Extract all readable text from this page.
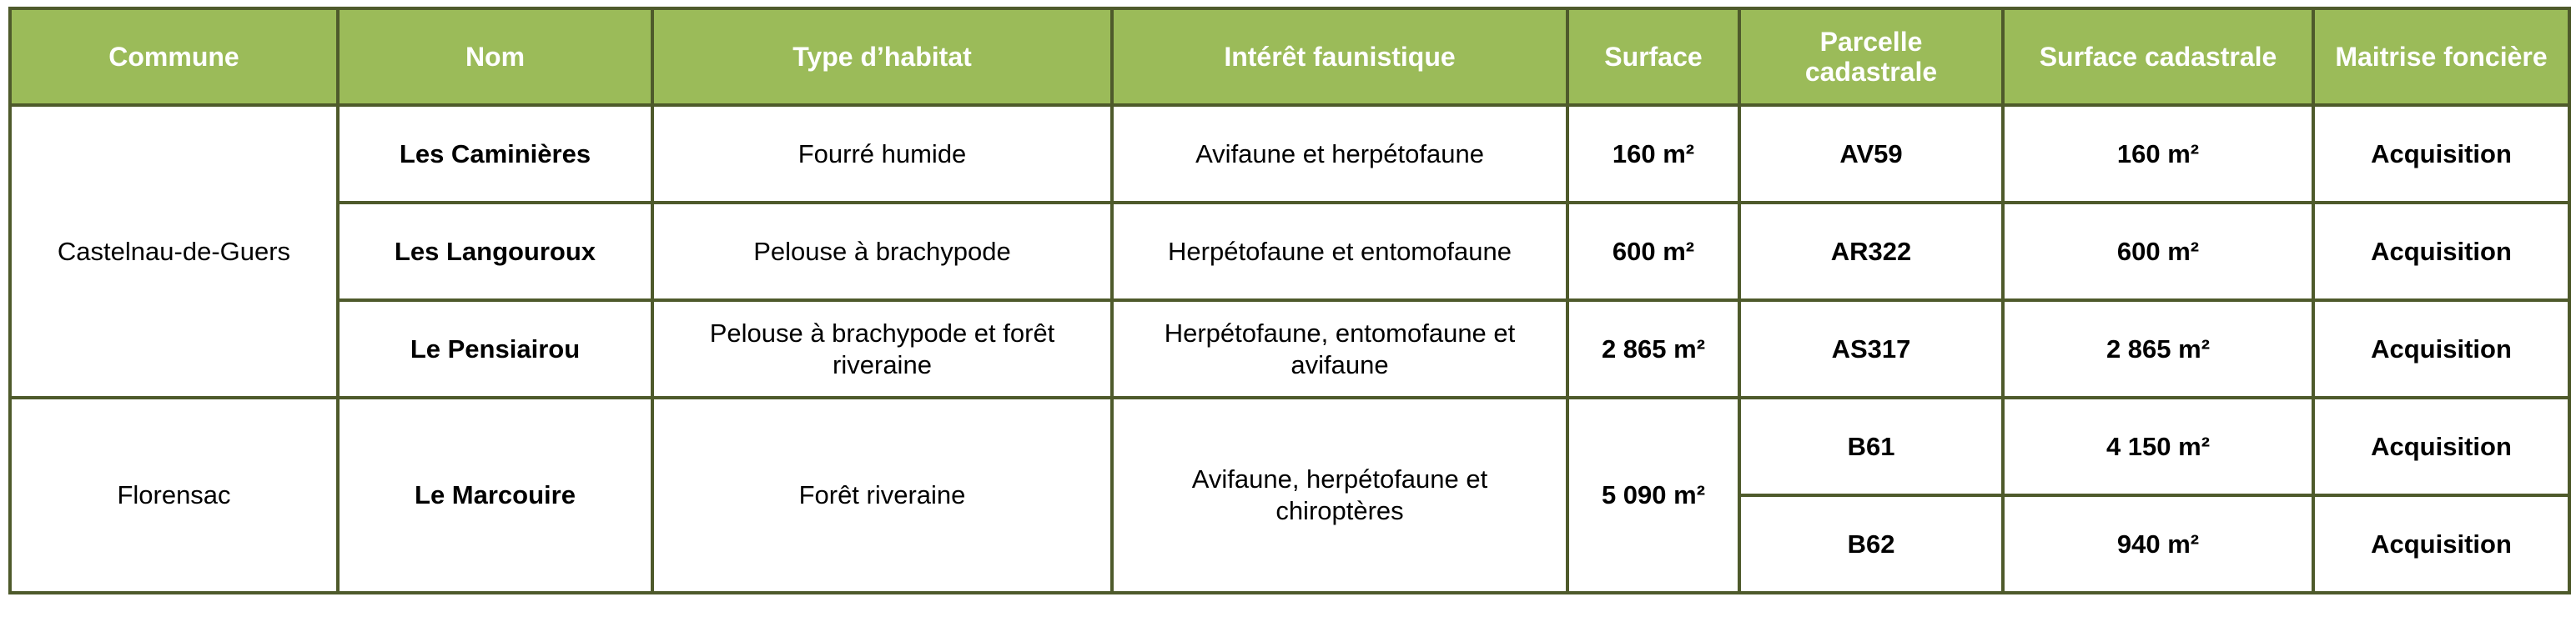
Commune	Nom	Type d’habitat	Intérêt faunistique	Surface	Parcelle cadastrale	Surface cadastrale	Maitrise foncière
Castelnau-de-Guers	Les Caminières	Fourré humide	Avifaune et herpétofaune	160 m²	AV59	160 m²	Acquisition
	Les Langouroux	Pelouse à brachypode	Herpétofaune et entomofaune	600 m²	AR322	600 m²	Acquisition
	Le Pensiairou	Pelouse à brachypode et forêt riveraine	Herpétofaune, entomofaune et avifaune	2 865 m²	AS317	2 865 m²	Acquisition
Florensac	Le Marcouire	Forêt riveraine	Avifaune, herpétofaune et chiroptères	5 090 m²	B61	4 150 m²	Acquisition
					B62	940 m²	Acquisition
